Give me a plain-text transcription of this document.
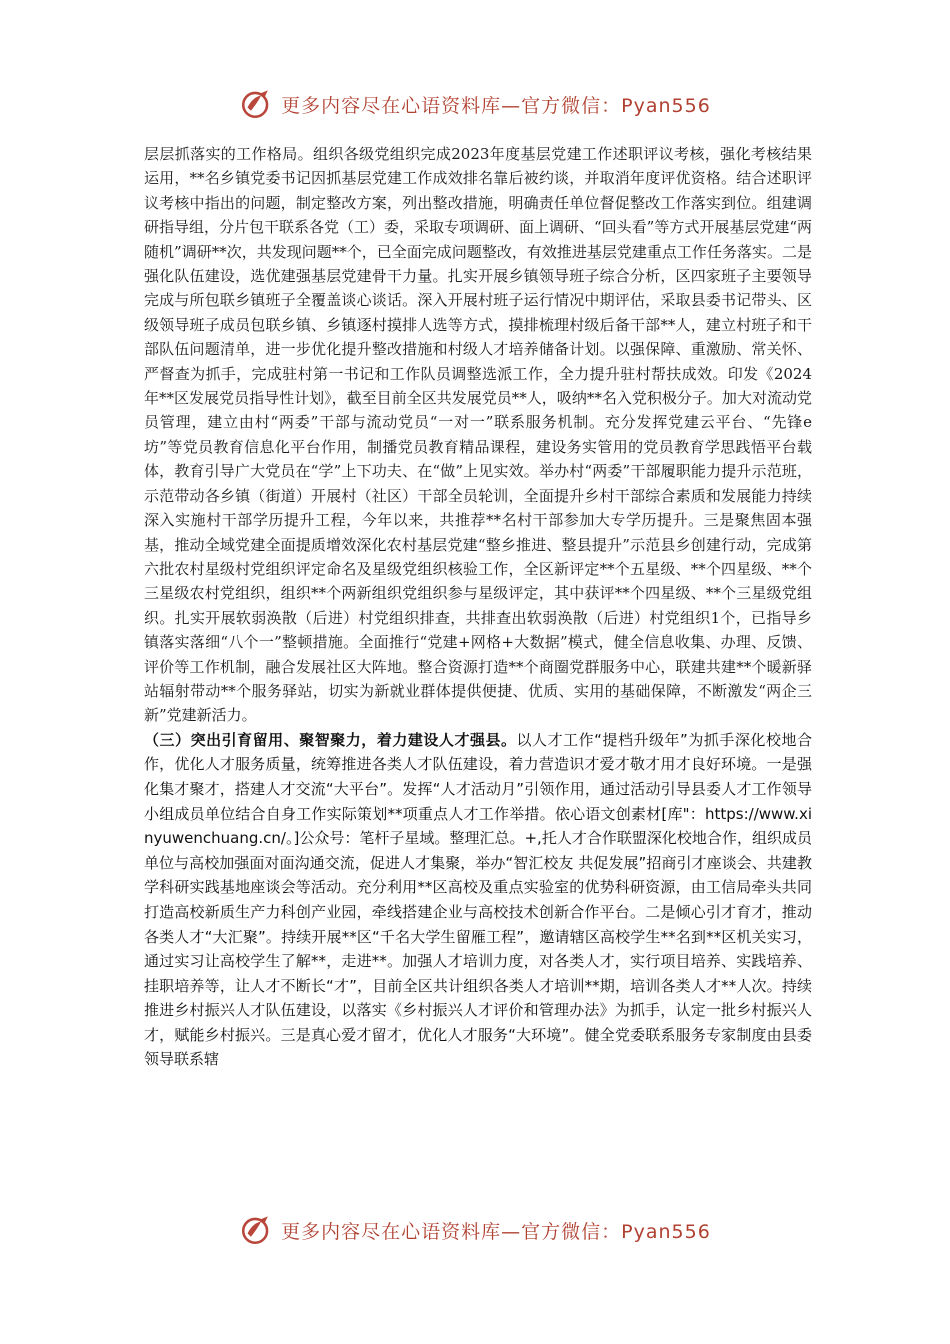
更多内容尽在心语资料库—官方微信：Pyan556

层层抓落实的工作格局。组织各级党组织完成2023年度基层党建工作述职评议考核，强化考核结果运用，**名乡镇党委书记因抓基层党建工作成效排名靠后被约谈，并取消年度评优资格。结合述职评议考核中指出的问题，制定整改方案，列出整改措施，明确责任单位督促整改工作落实到位。组建调研指导组，分片包干联系各党（工）委，采取专项调研、面上调研、“回头看”等方式开展基层党建“两随机”调研**次，共发现问题**个，已全面完成问题整改，有效推进基层党建重点工作任务落实。二是强化队伍建设，选优建强基层党建骨干力量。扎实开展乡镇领导班子综合分析，区四家班子主要领导完成与所包联乡镇班子全覆盖谈心谈话。深入开展村班子运行情况中期评估，采取县委书记带头、区级领导班子成员包联乡镇、乡镇逐村摸排人选等方式，摸排梳理村级后备干部**人，建立村班子和干部队伍问题清单，进一步优化提升整改措施和村级人才培养储备计划。以强保障、重激励、常关怀、严督查为抓手，完成驻村第一书记和工作队员调整选派工作，全力提升驻村帮扶成效。印发《2024年**区发展党员指导性计划》，截至目前全区共发展党员**人，吸纳**名入党积极分子。加大对流动党员管理，建立由村“两委”干部与流动党员“一对一”联系服务机制。充分发挥党建云平台、“先锋e坊”等党员教育信息化平台作用，制播党员教育精品课程，建设务实管用的党员教育学思践悟平台载体，教育引导广大党员在“学”上下功夫、在“做”上见实效。举办村“两委”干部履职能力提升示范班，示范带动各乡镇（街道）开展村（社区）干部全员轮训，全面提升乡村干部综合素质和发展能力持续深入实施村干部学历提升工程，今年以来，共推荐**名村干部参加大专学历提升。三是聚焦固本强基，推动全域党建全面提质增效深化农村基层党建“整乡推进、整县提升”示范县乡创建行动，完成第六批农村星级村党组织评定命名及星级党组织核验工作，全区新评定**个五星级、**个四星级、**个三星级农村党组织，组织**个两新组织党组织参与星级评定，其中获评**个四星级、**个三星级党组织。扎实开展软弱涣散（后进）村党组织排查，共排查出软弱涣散（后进）村党组织1个，已指导乡镇落实落细“八个一”整顿措施。全面推行“党建+网格+大数据”模式，健全信息收集、办理、反馈、评价等工作机制，融合发展社区大阵地。整合资源打造**个商圈党群服务中心，联建共建**个暖新驿站辐射带动**个服务驿站，切实为新就业群体提供便捷、优质、实用的基础保障，不断激发“两企三新”党建新活力。

（三）突出引育留用、聚智聚力，着力建设人才强县。以人才工作“提档升级年”为抓手深化校地合作，优化人才服务质量，统筹推进各类人才队伍建设，着力营造识才爱才敬才用才良好环境。一是强化集才聚才，搭建人才交流“大平台”。发挥“人才活动月”引领作用，通过活动引导县委人才工作领导小组成员单位结合自身工作实际策划**项重点人才工作举措。依心语文创素材[库"：https://www.xinyuwenchuang.cn/。]公众号：笔杆子星域。整理汇总。+,托人才合作联盟深化校地合作，组织成员单位与高校加强面对面沟通交流，促进人才集聚，举办“智汇校友 共促发展”招商引才座谈会、共建教学科研实践基地座谈会等活动。充分利用**区高校及重点实验室的优势科研资源，由工信局牵头共同打造高校新质生产力科创产业园，牵线搭建企业与高校技术创新合作平台。二是倾心引才育才，推动各类人才“大汇聚”。持续开展**区“千名大学生留雁工程”，邀请辖区高校学生**名到**区机关实习，通过实习让高校学生了解**，走进**。加强人才培训力度，对各类人才，实行项目培养、实践培养、挂职培养等，让人才不断长“才”，目前全区共计组织各类人才培训**期，培训各类人才**人次。持续推进乡村振兴人才队伍建设，以落实《乡村振兴人才评价和管理办法》为抓手，认定一批乡村振兴人才，赋能乡村振兴。三是真心爱才留才，优化人才服务“大环境”。健全党委联系服务专家制度由县委领导联系辖

更多内容尽在心语资料库—官方微信：Pyan556
